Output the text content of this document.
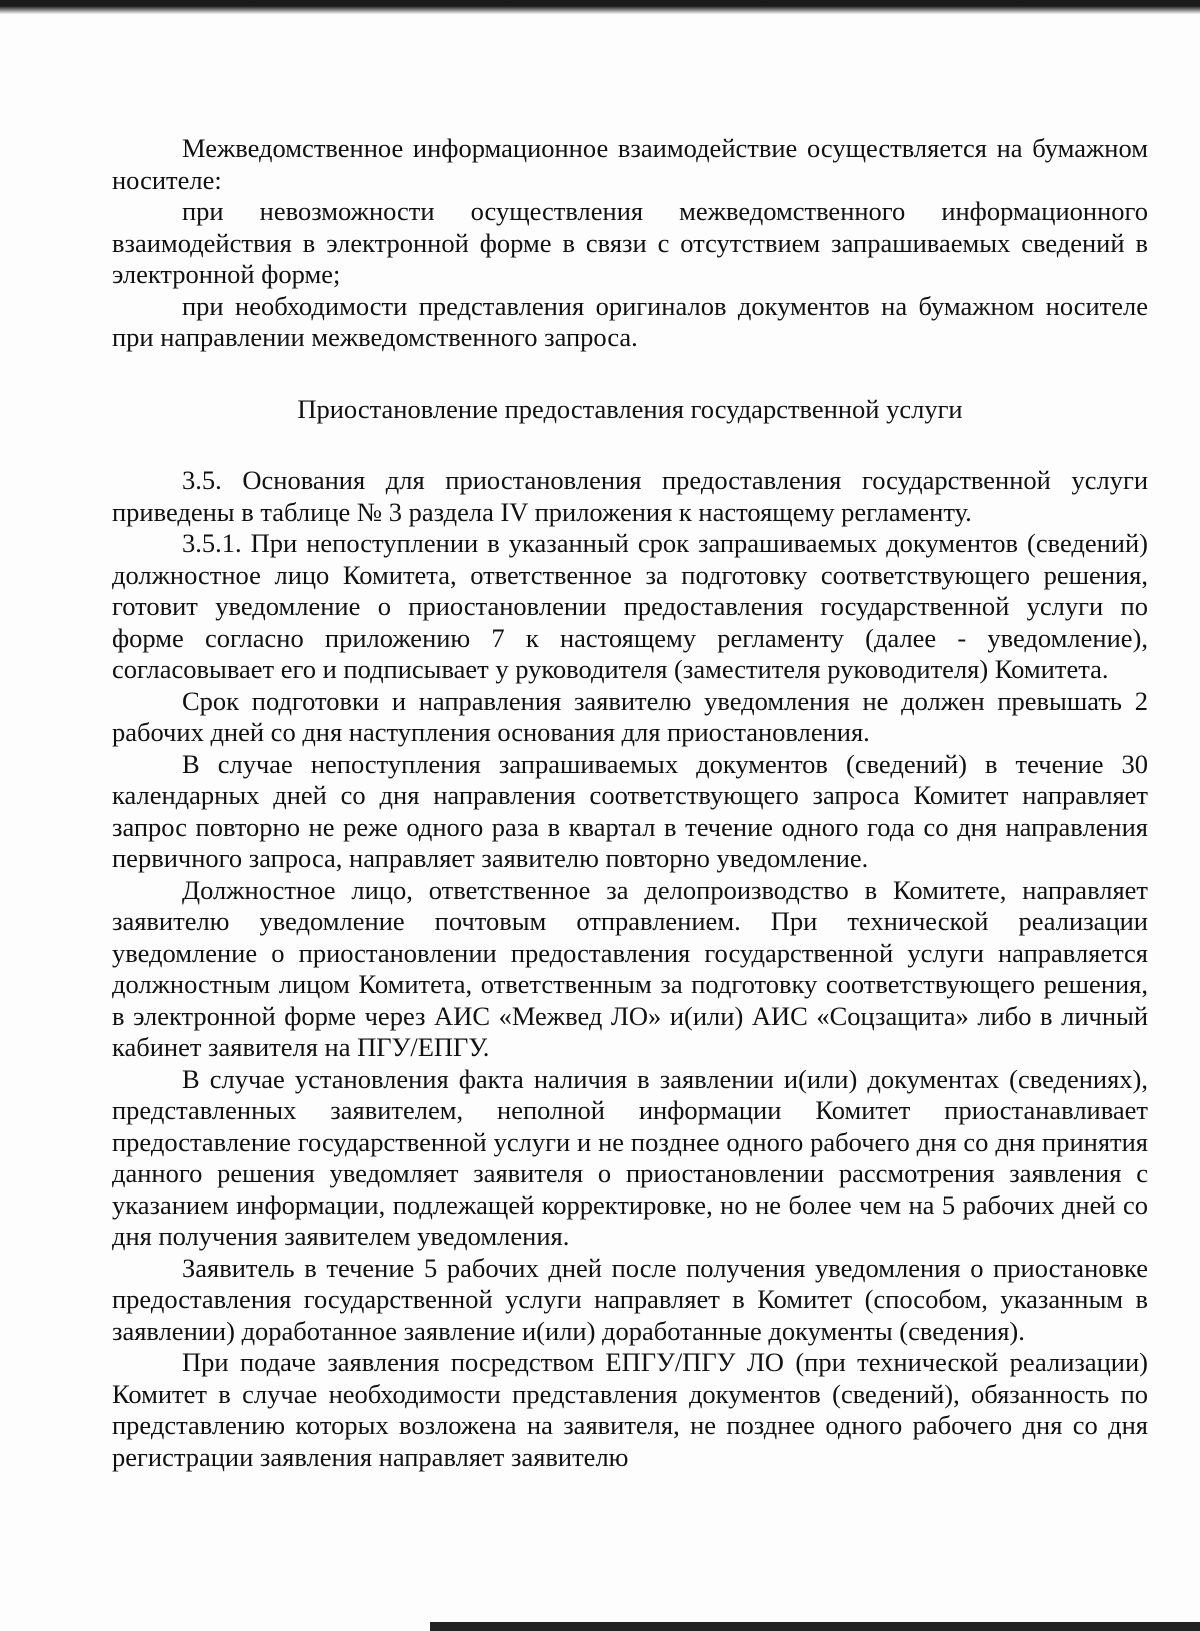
Межведомственное информационное взаимодействие осуществляется на бумажном носителе:

при невозможности осуществления межведомственного информационного взаимодействия в электронной форме в связи с отсутствием запрашиваемых сведений в электронной форме;

при необходимости представления оригиналов документов на бумажном носителе при направлении межведомственного запроса.

Приостановление предоставления государственной услуги

3.5. Основания для приостановления предоставления государственной услуги приведены в таблице № 3 раздела IV приложения к настоящему регламенту.

3.5.1. При непоступлении в указанный срок запрашиваемых документов (сведений) должностное лицо Комитета, ответственное за подготовку соответствующего решения, готовит уведомление о приостановлении предоставления государственной услуги по форме согласно приложению 7 к настоящему регламенту (далее - уведомление), согласовывает его и подписывает у руководителя (заместителя руководителя) Комитета.

Срок подготовки и направления заявителю уведомления не должен превышать 2 рабочих дней со дня наступления основания для приостановления.

В случае непоступления запрашиваемых документов (сведений) в течение 30 календарных дней со дня направления соответствующего запроса Комитет направляет запрос повторно не реже одного раза в квартал в течение одного года со дня направления первичного запроса, направляет заявителю повторно уведомление.

Должностное лицо, ответственное за делопроизводство в Комитете, направляет заявителю уведомление почтовым отправлением. При технической реализации уведомление о приостановлении предоставления государственной услуги направляется должностным лицом Комитета, ответственным за подготовку соответствующего решения, в электронной форме через АИС «Межвед ЛО» и(или) АИС «Соцзащита» либо в личный кабинет заявителя на ПГУ/ЕПГУ.

В случае установления факта наличия в заявлении и(или) документах (сведениях), представленных заявителем, неполной информации Комитет приостанавливает предоставление государственной услуги и не позднее одного рабочего дня со дня принятия данного решения уведомляет заявителя о приостановлении рассмотрения заявления с указанием информации, подлежащей корректировке, но не более чем на 5 рабочих дней со дня получения заявителем уведомления.

Заявитель в течение 5 рабочих дней после получения уведомления о приостановке предоставления государственной услуги направляет в Комитет (способом, указанным в заявлении) доработанное заявление и(или) доработанные документы (сведения).

При подаче заявления посредством ЕПГУ/ПГУ ЛО (при технической реализации) Комитет в случае необходимости представления документов (сведений), обязанность по представлению которых возложена на заявителя, не позднее одного рабочего дня со дня регистрации заявления направляет заявителю
